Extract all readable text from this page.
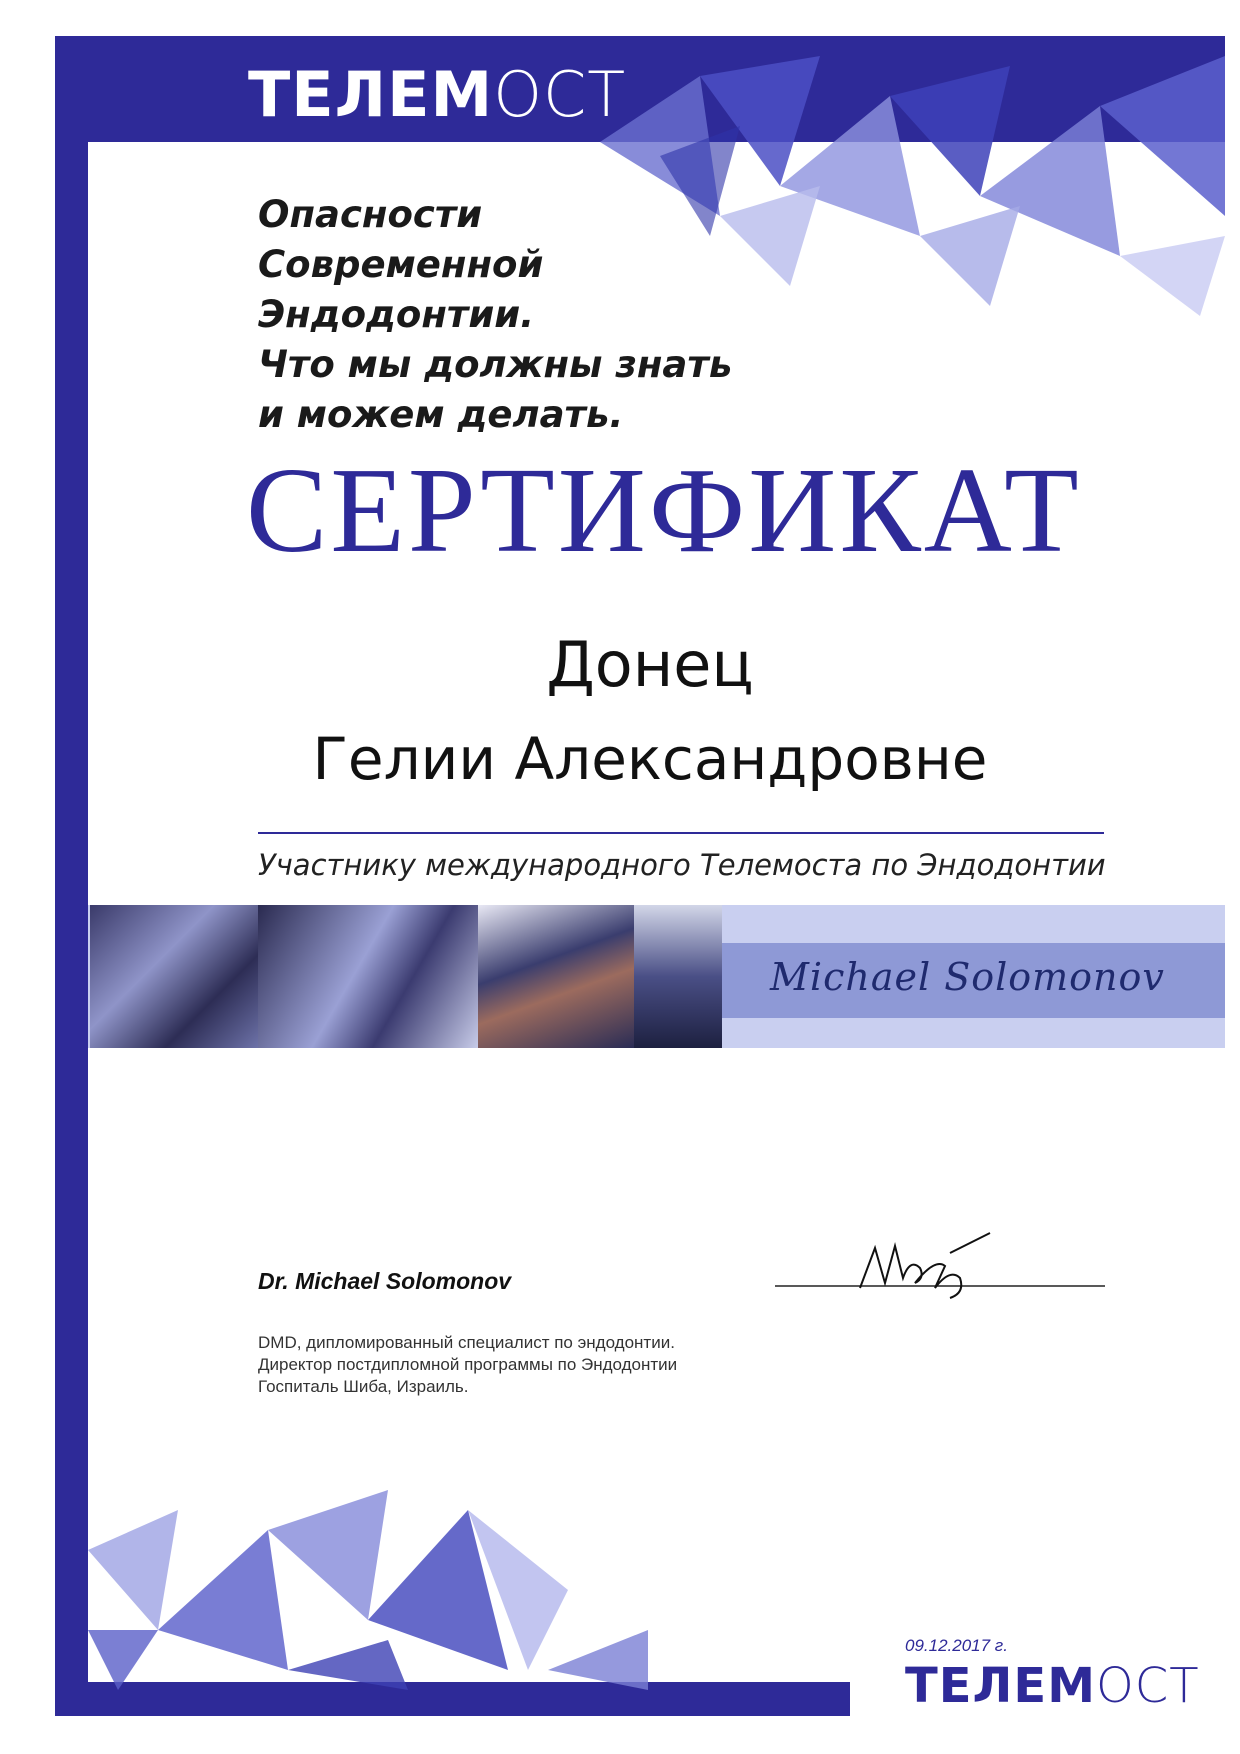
ТЕЛЕМОСТ
Опасности
Современной
Эндодонтии.
Что мы должны знать
и можем делать.
СЕРТИФИКАТ
Донец
Гелии Александровне
Участнику международного Телемоста по Эндодонтии
Michael Solomonov
Dr. Michael Solomonov
DMD, дипломированный специалист по эндодонтии.
Директор постдипломной программы по Эндодонтии
Госпиталь Шиба, Израиль.
09.12.2017 г.
ТЕЛЕМОСТ
